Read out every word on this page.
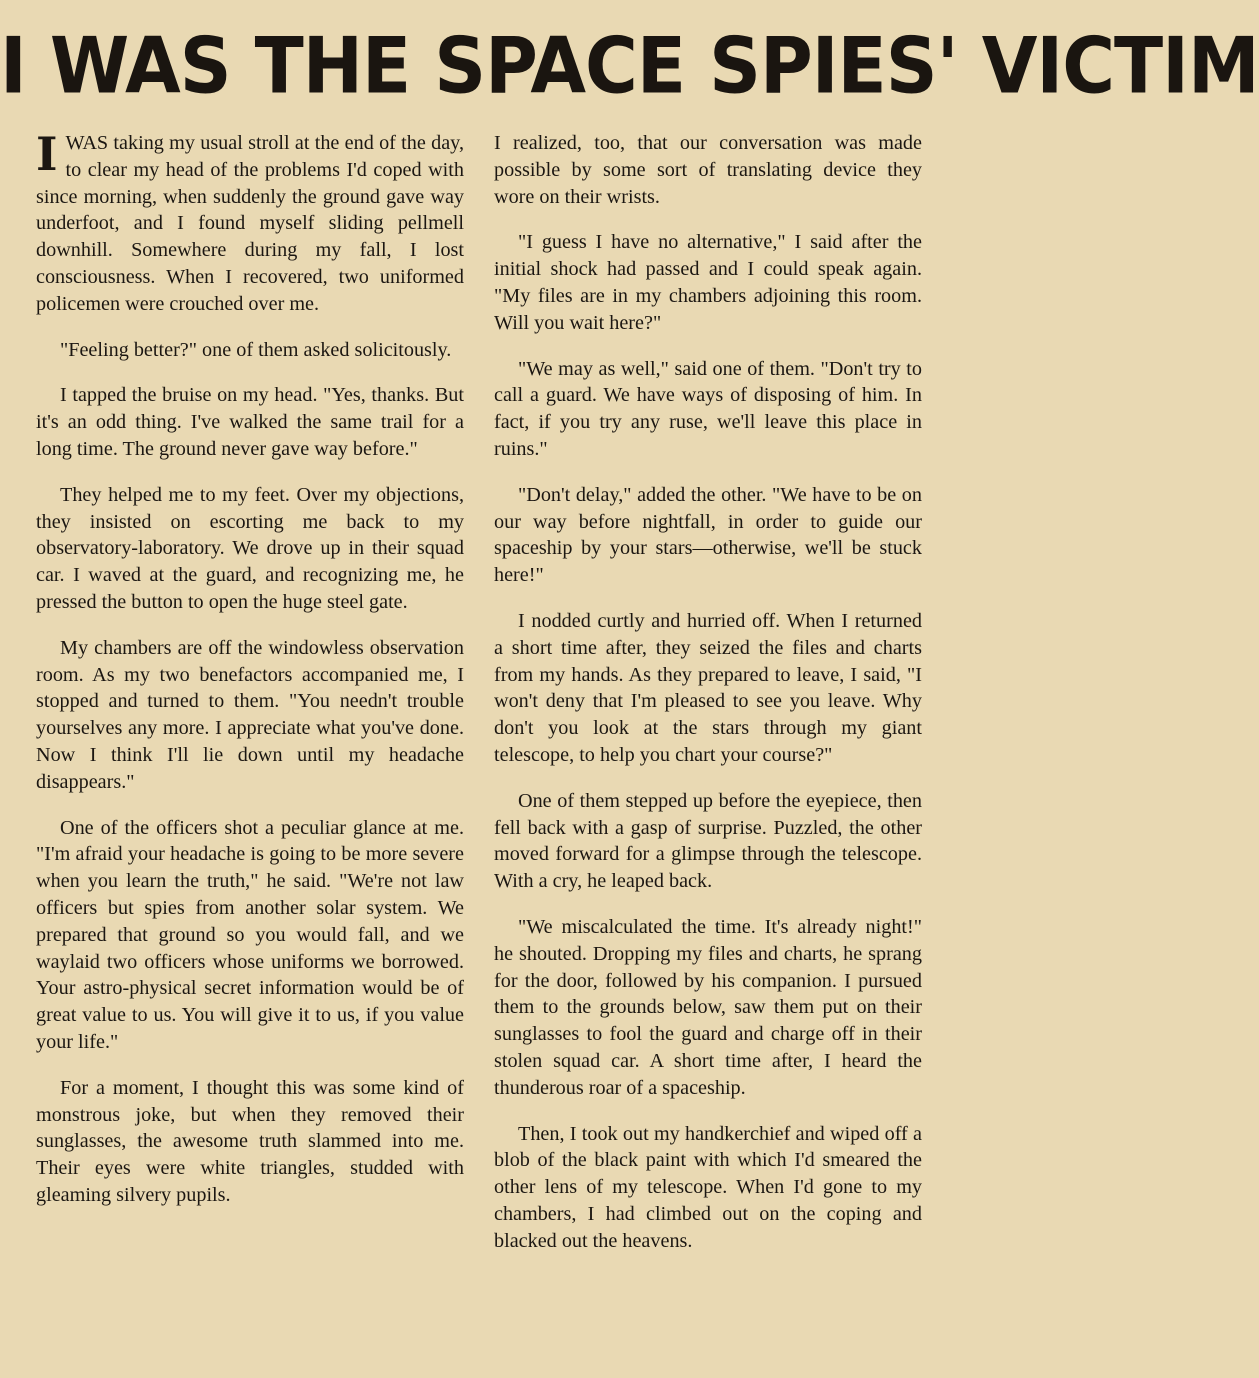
I WAS THE SPACE SPIES' VICTIM

IWAS taking my usual stroll at the end of the day, to clear my head of the problems I'd coped with since morning, when suddenly the ground gave way underfoot, and I found myself sliding pellmell downhill. Somewhere during my fall, I lost consciousness. When I recovered, two uniformed policemen were crouched over me.

"Feeling better?" one of them asked solicitously.

I tapped the bruise on my head. "Yes, thanks. But it's an odd thing. I've walked the same trail for a long time. The ground never gave way before."

They helped me to my feet. Over my objections, they insisted on escorting me back to my observatory-laboratory. We drove up in their squad car. I waved at the guard, and recognizing me, he pressed the button to open the huge steel gate.

My chambers are off the windowless observation room. As my two benefactors accompanied me, I stopped and turned to them. "You needn't trouble yourselves any more. I appreciate what you've done. Now I think I'll lie down until my headache disappears."

One of the officers shot a peculiar glance at me. "I'm afraid your headache is going to be more severe when you learn the truth," he said. "We're not law officers but spies from another solar system. We prepared that ground so you would fall, and we waylaid two officers whose uniforms we borrowed. Your astro-physical secret information would be of great value to us. You will give it to us, if you value your life."

For a moment, I thought this was some kind of monstrous joke, but when they removed their sunglasses, the awesome truth slammed into me. Their eyes were white triangles, studded with gleaming silvery pupils.

I realized, too, that our conversation was made possible by some sort of translating device they wore on their wrists.

"I guess I have no alternative," I said after the initial shock had passed and I could speak again. "My files are in my chambers adjoining this room. Will you wait here?"

"We may as well," said one of them. "Don't try to call a guard. We have ways of disposing of him. In fact, if you try any ruse, we'll leave this place in ruins."

"Don't delay," added the other. "We have to be on our way before nightfall, in order to guide our spaceship by your stars—otherwise, we'll be stuck here!"

I nodded curtly and hurried off. When I returned a short time after, they seized the files and charts from my hands. As they prepared to leave, I said, "I won't deny that I'm pleased to see you leave. Why don't you look at the stars through my giant telescope, to help you chart your course?"

One of them stepped up before the eyepiece, then fell back with a gasp of surprise. Puzzled, the other moved forward for a glimpse through the telescope. With a cry, he leaped back.

"We miscalculated the time. It's already night!" he shouted. Dropping my files and charts, he sprang for the door, followed by his companion. I pursued them to the grounds below, saw them put on their sunglasses to fool the guard and charge off in their stolen squad car. A short time after, I heard the thunderous roar of a spaceship.

Then, I took out my handkerchief and wiped off a blob of the black paint with which I'd smeared the other lens of my telescope. When I'd gone to my chambers, I had climbed out on the coping and blacked out the heavens.
